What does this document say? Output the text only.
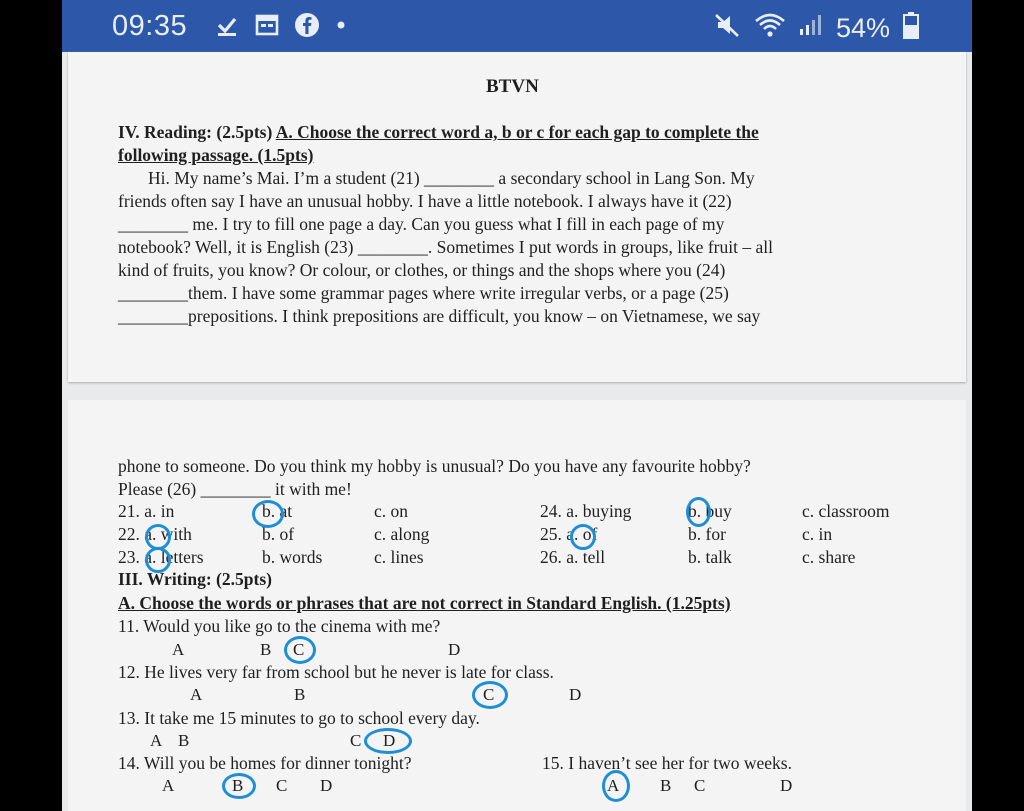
09:35	54%
BTVN
IV. Reading: (2.5pts) A. Choose the correct word a, b or c for each gap to complete the
following passage. (1.5pts)
Hi. My name’s Mai. I’m a student (21) ________ a secondary school in Lang Son. My
friends often say I have an unusual hobby. I have a little notebook. I always have it (22)
________ me. I try to fill one page a day. Can you guess what I fill in each page of my
notebook? Well, it is English (23) ________. Sometimes I put words in groups, like fruit – all
kind of fruits, you know? Or colour, or clothes, or things and the shops where you (24)
________them. I have some grammar pages where write irregular verbs, or a page (25)
________prepositions. I think prepositions are difficult, you know – on Vietnamese, we say
phone to someone. Do you think my hobby is unusual? Do you have any favourite hobby?
Please (26) ________ it with me!
21. a. in	b. at	c. on
22. a. with	b. of	c. along
23. a. letters	b. words	c. lines
24. a. buying	b. buy	c. classroom
25. a. of	b. for	c. in
26. a. tell	b. talk	c. share
III. Writing: (2.5pts)
A. Choose the words or phrases that are not correct in Standard English. (1.25pts)
11. Would you like go to the cinema with me?
A	B C	D
12. He lives very far from school but he never is late for class.
A	B	C	D
13. It take me 15 minutes to go to school every day.
A B	C D
14. Will you be homes for dinner tonight?
A	B C D
15. I haven’t see her for two weeks.
A B C	D
